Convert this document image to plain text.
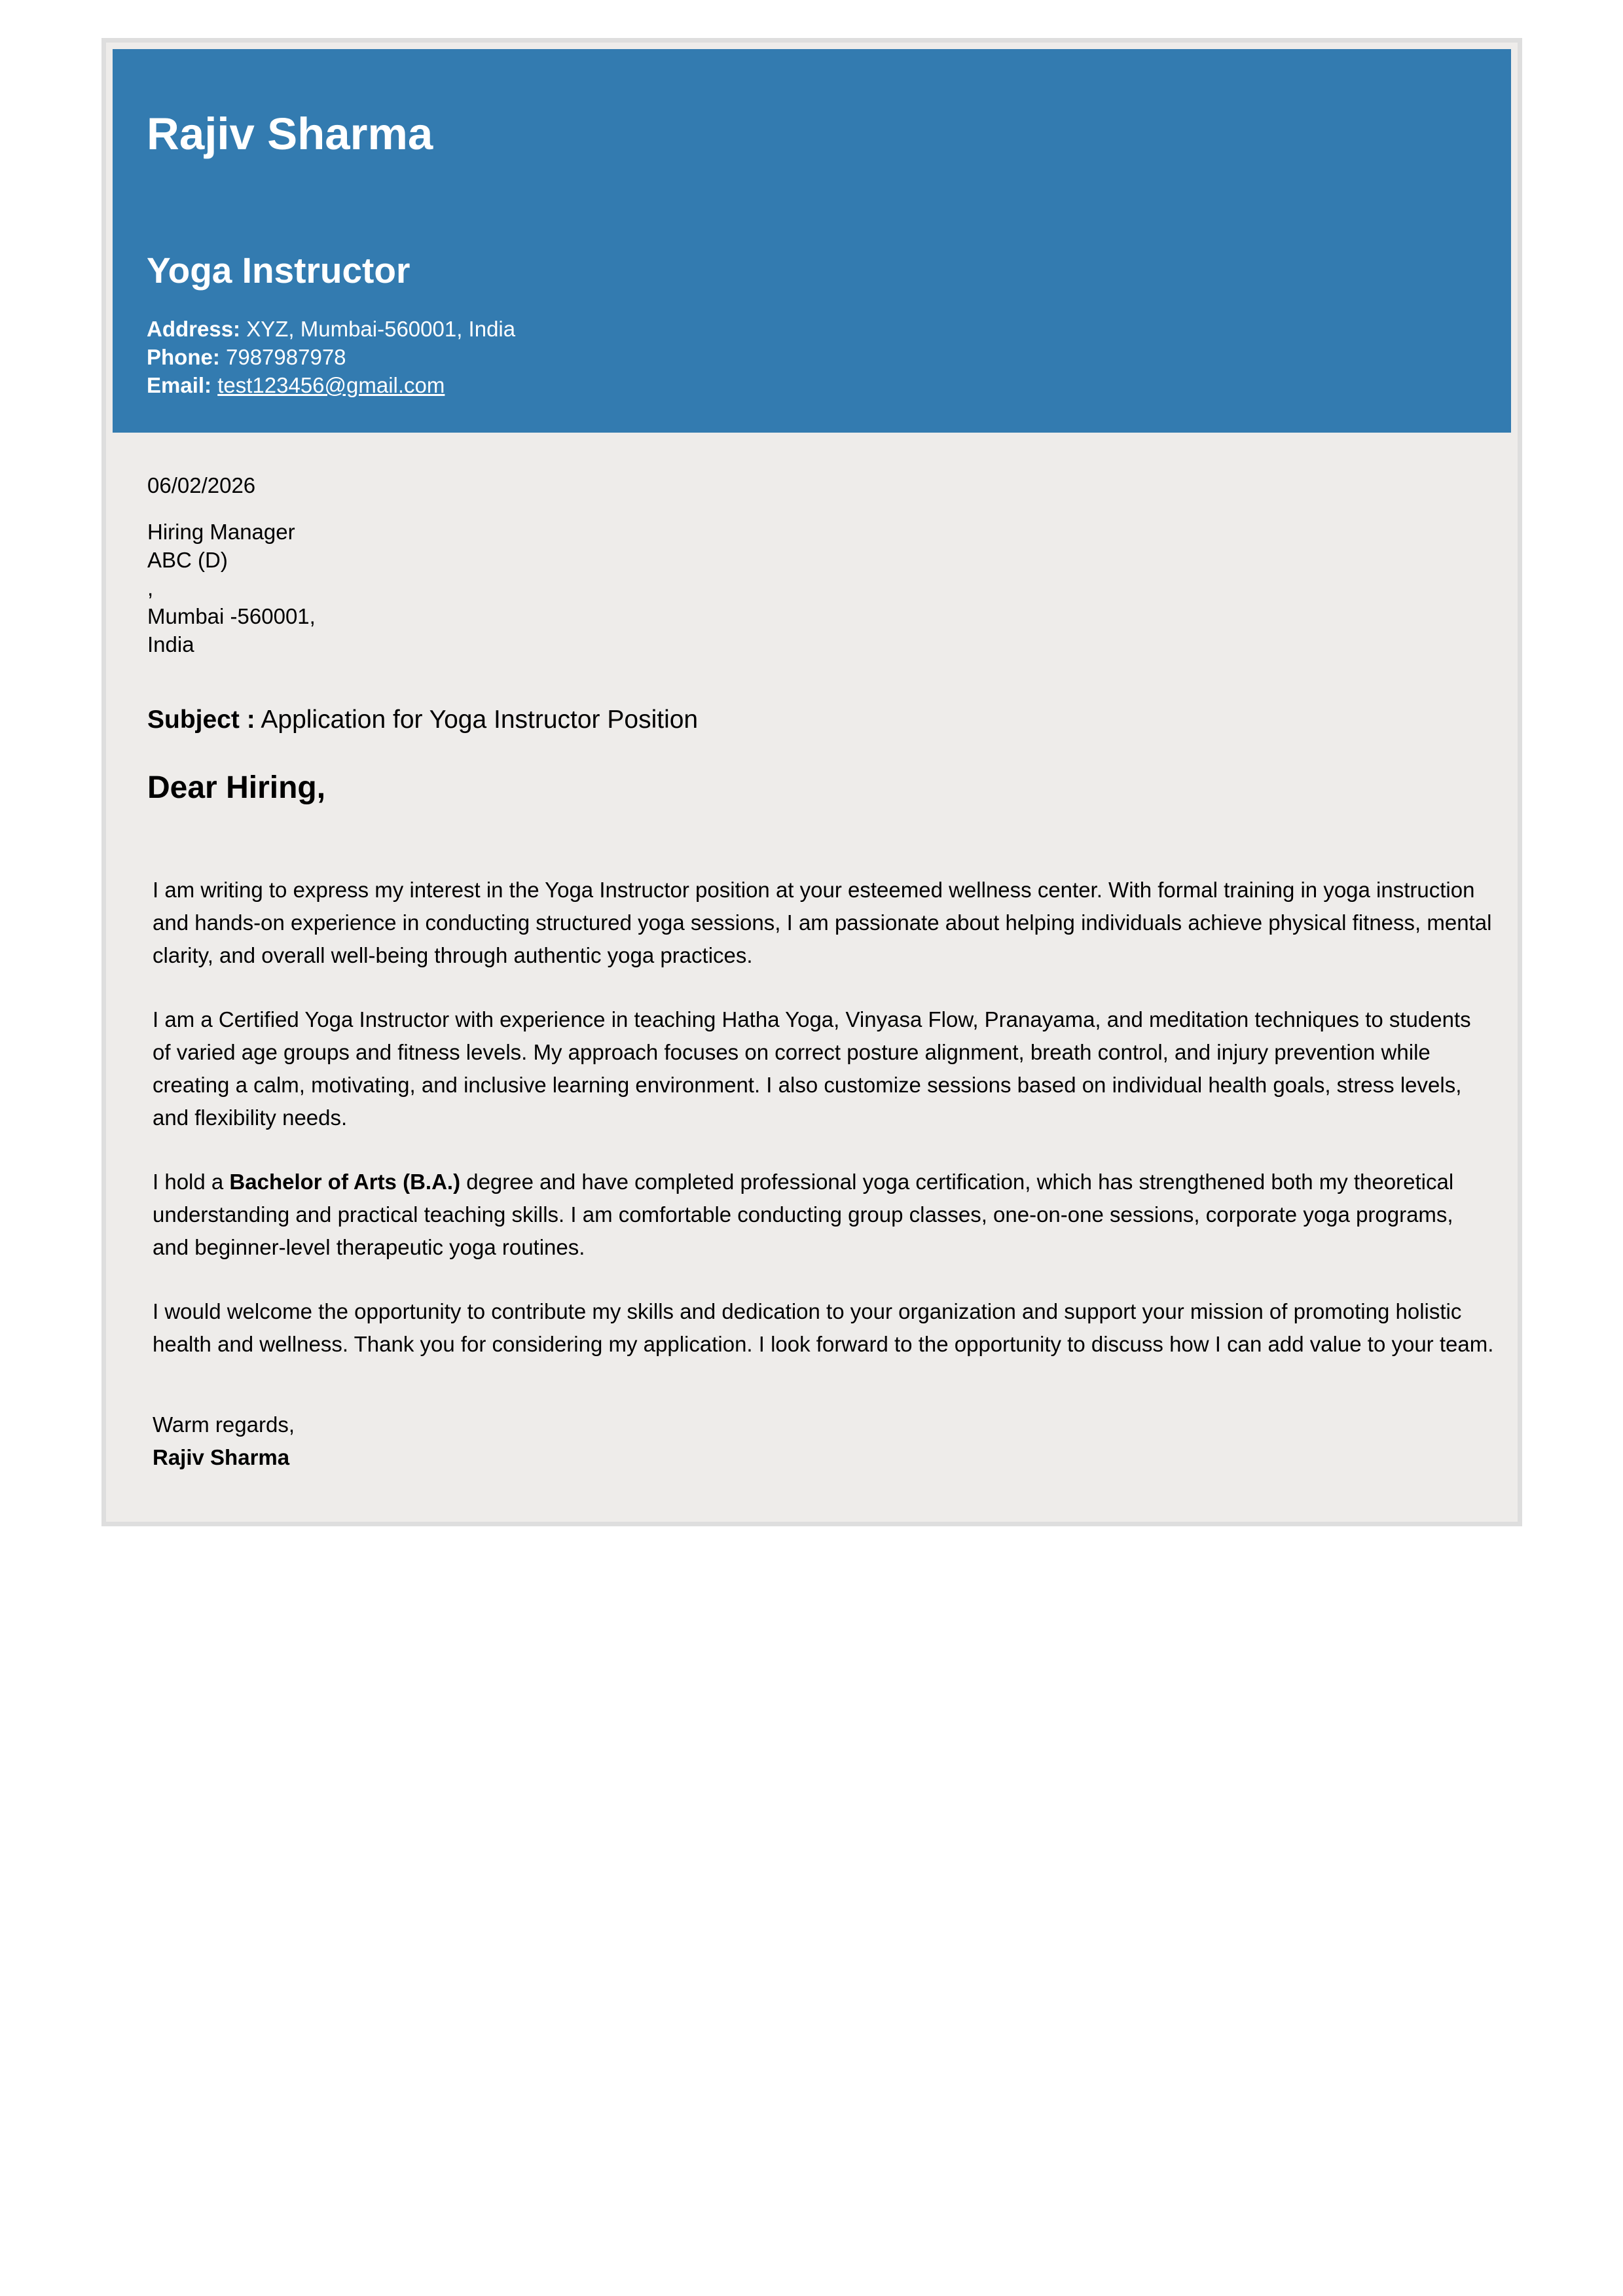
Rajiv Sharma
Yoga Instructor
Address: XYZ, Mumbai-560001, India
Phone: 7987987978
Email: test123456@gmail.com
06/02/2026
Hiring Manager
ABC (D)
,
Mumbai -560001,
India
Subject : Application for Yoga Instructor Position
Dear Hiring,

I am writing to express my interest in the Yoga Instructor position at your esteemed wellness center. With formal training in yoga instruction and hands-on experience in conducting structured yoga sessions, I am passionate about helping individuals achieve physical fitness, mental clarity, and overall well-being through authentic yoga practices.

I am a Certified Yoga Instructor with experience in teaching Hatha Yoga, Vinyasa Flow, Pranayama, and meditation techniques to students of varied age groups and fitness levels. My approach focuses on correct posture alignment, breath control, and injury prevention while creating a calm, motivating, and inclusive learning environment. I also customize sessions based on individual health goals, stress levels, and flexibility needs.

I hold a Bachelor of Arts (B.A.) degree and have completed professional yoga certification, which has strengthened both my theoretical understanding and practical teaching skills. I am comfortable conducting group classes, one-on-one sessions, corporate yoga programs, and beginner-level therapeutic yoga routines.

I would welcome the opportunity to contribute my skills and dedication to your organization and support your mission of promoting holistic health and wellness. Thank you for considering my application. I look forward to the opportunity to discuss how I can add value to your team.

Warm regards,
Rajiv Sharma
